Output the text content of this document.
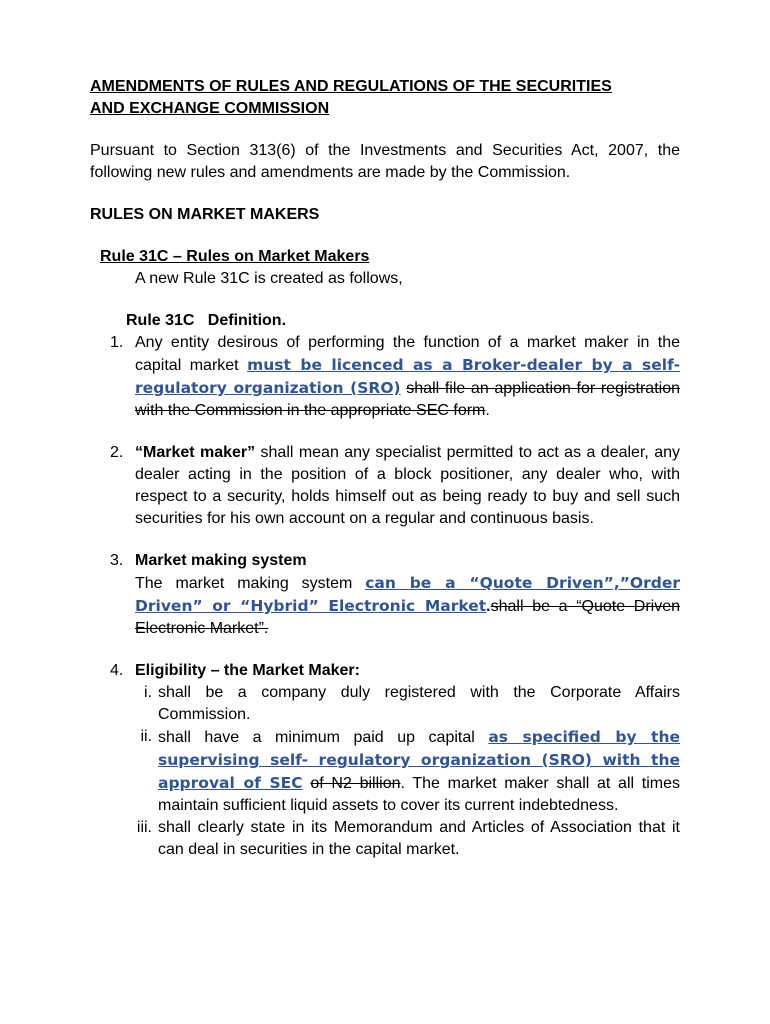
AMENDMENTS OF RULES AND REGULATIONS OF THE SECURITIES
AND EXCHANGE COMMISSION

Pursuant to Section 313(6) of the Investments and Securities Act, 2007, the following new rules and amendments are made by the Commission.

RULES ON MARKET MAKERS

Rule 31C – Rules on Market Makers

A new Rule 31C is created as follows,

Rule 31C   Definition.

1. Any entity desirous of performing the function of a market maker in the capital market must be licenced as a Broker-dealer by a self-regulatory organization (SRO) shall file an application for registration with the Commission in the appropriate SEC form.
2. “Market maker” shall mean any specialist permitted to act as a dealer, any dealer acting in the position of a block positioner, any dealer who, with respect to a security, holds himself out as being ready to buy and sell such securities for his own account on a regular and continuous basis.
3. Market making system
The market making system can be a “Quote Driven”,”Order Driven” or “Hybrid” Electronic Market.shall be a “Quote Driven Electronic Market”.
4. Eligibility – the Market Maker:
i. shall be a company duly registered with the Corporate Affairs Commission.
ii. shall have a minimum paid up capital as specified by the supervising self- regulatory organization (SRO) with the approval of SEC of N2 billion. The market maker shall at all times maintain sufficient liquid assets to cover its current indebtedness.
iii. shall clearly state in its Memorandum and Articles of Association that it can deal in securities in the capital market.
